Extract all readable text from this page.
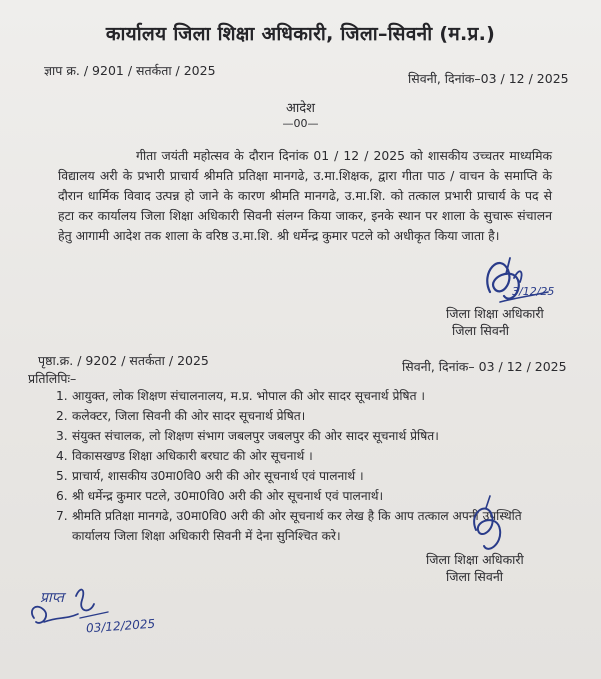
कार्यालय जिला शिक्षा अधिकारी, जिला–सिवनी (म.प्र.)
ज्ञाप क्र. / 9201 / सतर्कता / 2025
सिवनी, दिनांक–03 / 12 / 2025
आदेश
—00—
गीता जयंती महोत्सव के दौरान दिनांक 01 / 12 / 2025 को शासकीय उच्चतर माध्यमिक विद्यालय अरी के प्रभारी प्राचार्य श्रीमति प्रतिक्षा मानगढे, उ.मा.शिक्षक, द्वारा गीता पाठ / वाचन के समाप्ति के दौरान धार्मिक विवाद उत्पन्न हो जाने के कारण श्रीमति मानगढे, उ.मा.शि. को तत्काल प्रभारी प्राचार्य के पद से हटा कर कार्यालय जिला शिक्षा अधिकारी सिवनी संलग्न किया जाकर, इनके स्थान पर शाला के सुचारू संचालन हेतु आगामी आदेश तक शाला के वरिष्ठ उ.मा.शि. श्री धर्मेन्द्र कुमार पटले को अधीकृत किया जाता है।
3/12/25
जिला शिक्षा अधिकारी
जिला सिवनी
पृष्ठा.क्र. / 9202 / सतर्कता / 2025	सिवनी, दिनांक– 03 / 12 / 2025
प्रतिलिपिः–
1. आयुक्त, लोक शिक्षण संचालनालय, म.प्र. भोपाल की ओर सादर सूचनार्थ प्रेषित ।
2. कलेक्टर, जिला सिवनी की ओर सादर सूचनार्थ प्रेषित।
3. संयुक्त संचालक, लो शिक्षण संभाग जबलपुर जबलपुर की ओर सादर सूचनार्थ प्रेषित।
4. विकासखण्ड शिक्षा अधिकारी बरघाट की ओर सूचनार्थ ।
5. प्राचार्य, शासकीय उ0मा0वि0 अरी की ओर सूचनार्थ एवं पालनार्थ ।
6. श्री धर्मेन्द्र कुमार पटले, उ0मा0वि0 अरी की ओर सूचनार्थ एवं पालनार्थ।
7. श्रीमति प्रतिक्षा मानगढे, उ0मा0वि0 अरी की ओर सूचनार्थ कर लेख है कि आप तत्काल अपनी उपस्थिति कार्यालय जिला शिक्षा अधिकारी सिवनी में देना सुनिश्चित करे।
जिला शिक्षा अधिकारी
जिला सिवनी
प्राप्त
03/12/2025
